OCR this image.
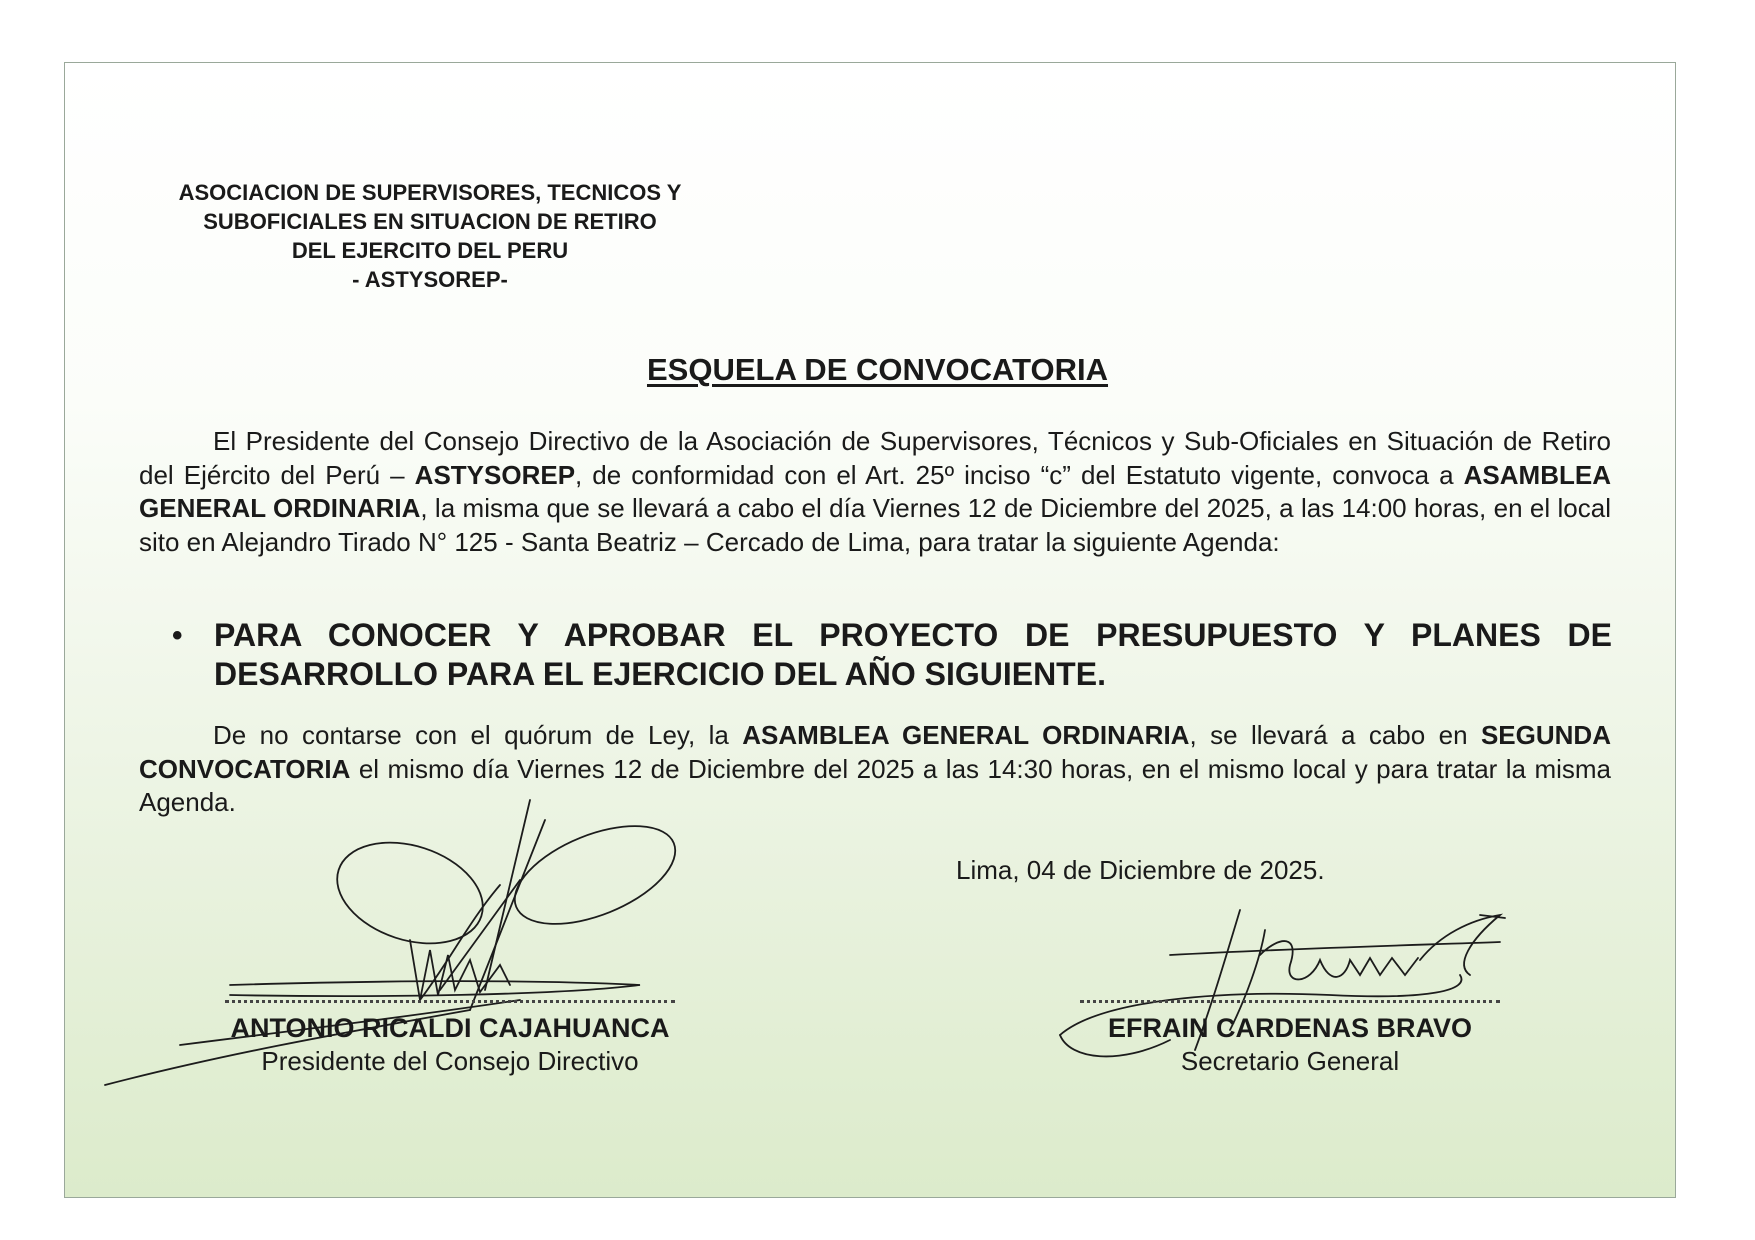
ASOCIACION DE SUPERVISORES, TECNICOS Y
SUBOFICIALES EN SITUACION DE RETIRO
DEL EJERCITO DEL PERU
- ASTYSOREP-
ESQUELA DE CONVOCATORIA
El Presidente del Consejo Directivo de la Asociación de Supervisores, Técnicos y Sub-Oficiales en Situación de Retiro del Ejército del Perú – ASTYSOREP, de conformidad con el Art. 25º inciso “c” del Estatuto vigente, convoca a ASAMBLEA GENERAL ORDINARIA, la misma que se llevará a cabo el día Viernes 12 de Diciembre del 2025, a las 14:00 horas, en el local sito en Alejandro Tirado N° 125 - Santa Beatriz – Cercado de Lima, para tratar la siguiente Agenda:
• PARA CONOCER Y APROBAR EL PROYECTO DE PRESUPUESTO Y PLANES DE DESARROLLO PARA EL EJERCICIO DEL AÑO SIGUIENTE.
De no contarse con el quórum de Ley, la ASAMBLEA GENERAL ORDINARIA, se llevará a cabo en SEGUNDA CONVOCATORIA el mismo día Viernes 12 de Diciembre del 2025 a las 14:30 horas, en el mismo local y para tratar la misma Agenda.
Lima, 04 de Diciembre de 2025.
ANTONIO RICALDI CAJAHUANCA
Presidente del Consejo Directivo
EFRAIN CARDENAS BRAVO
Secretario General
